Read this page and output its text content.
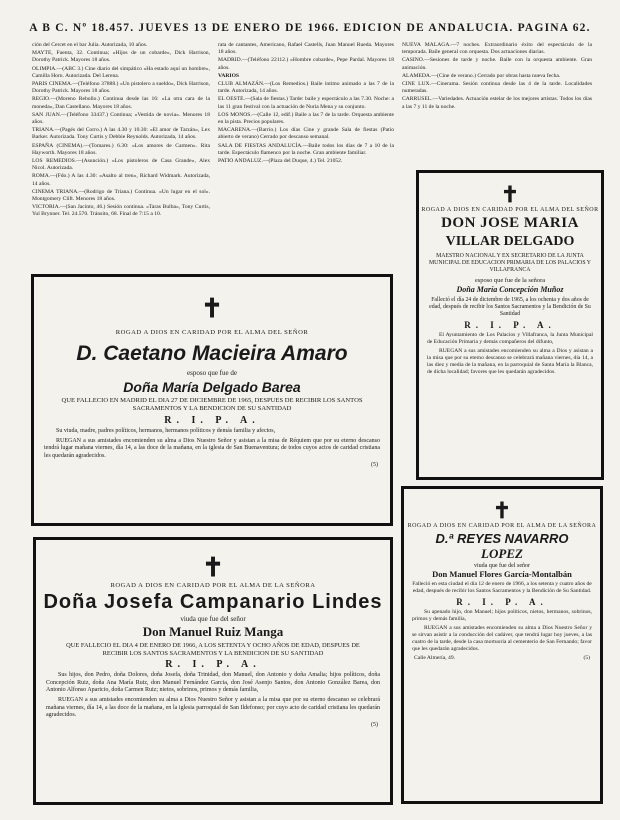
A B C. Nº 18.457. JUEVES 13 DE ENERO DE 1966. EDICION DE ANDALUCIA. PAGINA 62.

ción del Cercet en el bar Julia. Autorizada, 10 años.

MAYTE, Fuenta, 32. Continua; «Hijos de un cobarde», Dick Harrison, Dorothy Patrick. Mayores 18 años.

OLIMPIA.—(ABC 3.) Cine diario del simpático «Ha estado aquí un hombre», Camilla Horn. Autorizada. Del Lerena.

PARIS CINEMA.—(Teléfono 37888.) «Un pistolero a sueldo», Dick Harrison, Dorothy Patrick. Mayores 18 años.

REGIO.—(Moreno Rebollo.) Continua desde las 16: «La otra cara de la moneda», Dan Castellano. Mayores 18 años.

SAN JUAN.—(Teléfono 33437.) Continua; «Vestida de novia». Menores 18 años.

TRIANA.—(Pagés del Corro.) A las 4.30 y 10.30: «El amor de Tarzán», Lex Barker. Autorizada. Tony Curtis y Debbie Reynolds. Autorizada, 14 años.

ESPAÑA (CINEMA).—(Tomares.) 6.30: «Los amores de Carmen». Rita Hayworth. Mayores 18 años.

LOS REMEDIOS.—(Asunción.) «Los pistoleros de Casa Grande», Alex Nicol. Autorizada.

ROMA.—(Fdo.) A las 4.30: «Asalto al tren», Richard Widmark. Autorizada, 14 años.

CINEMA TRIANA.—(Rodrigo de Triana.) Continua. «Un lugar en el sol». Montgomery Clift. Menores 18 años.

VICTORIA.—(San Jacinto, 46.) Sesión continua. «Taras Bulba», Tony Curtis, Yul Brynner. Tel. 24.570. Tránsito, 68. Final de 7:15 a 10.

rata de cantantes, Americano, Rafael Castells, Juan Manuel Rueda. Mayores 18 años.

MADRID.—(Teléfono 22112.) «Hombre cobarde», Pepe Pardal. Mayores 18 años.

VARIOS

CLUB ALMAZÁN.—(Los Remedios.) Baile intimo animado a las 7 de la tarde. Autorizada, 14 años.

EL OESTE.—(Sala de fiestas.) Tarde: baile y espectáculo a las 7.30. Noche: a las 11 gran festival con la actuación de Nuria Mena y su conjunto.

LOS MONOS.—(Calle 12, edif.) Baile a las 7 de la tarde. Orquesta ambiente en la pista. Precios populares.

MACARENA.—(Barrio.) Los días Cine y grande Sala de fiestas (Patio abierto de verano) Cerrado por descanso semanal.

SALA DE FIESTAS ANDALUCÍA.—Baile todos los días de 7 a 10 de la tarde. Espectáculo flamenco por la noche. Gran ambiente familiar.

PATIO ANDALUZ.—(Plaza del Duque, 4.) Tel. 21052.

NUEVA MÁLAGA.—7 noches. Extraordinario éxito del espectáculo de la temporada. Baile general con orquesta. Dos actuaciones diarias.

CASINO.—Sesiones de tarde y noche. Baile con la orquesta ambiente. Gran animación.

ALAMEDA.—(Cine de verano.) Cerrado por obras hasta nueva fecha.

CINE LUX.—Cinerama. Sesión continua desde las 4 de la tarde. Localidades numeradas.

CARRUSEL.—Variedades. Actuación estelar de los mejores artistas. Todos los días a las 7 y 11 de la noche.

✝
ROGAD A DIOS EN CARIDAD POR EL ALMA DEL SEÑOR
D. Caetano Macieira Amaro
esposo que fue de
Doña María Delgado Barea
QUE FALLECIO EN MADRID EL DIA 27 DE DICIEMBRE DE 1965, DESPUES DE RECIBIR LOS SANTOS SACRAMENTOS Y LA BENDICION DE SU SANTIDAD
R. I. P. A.

Su viuda, madre, padres políticos, hermanos, hermanos políticos y demás familia y afectos,

RUEGAN a sus amistades encomienden su alma a Dios Nuestro Señor y asistan a la misa de Réquiem que por su eterno descanso tendrá lugar mañana viernes, día 14, a las doce de la mañana, en la iglesia de San Buenaventura; de todos cuyos actos de caridad cristiana les quedarán agradecidos.

(5)
✝
ROGAD A DIOS EN CARIDAD POR EL ALMA DE LA SEÑORA
Doña Josefa Campanario Lindes
viuda que fue del señor
Don Manuel Ruiz Manga
QUE FALLECIO EL DIA 4 DE ENERO DE 1966, A LOS SETENTA Y OCHO AÑOS DE EDAD, DESPUES DE RECIBIR LOS SANTOS SACRAMENTOS Y LA BENDICION DE SU SANTIDAD
R. I. P. A.

Sus hijos, don Pedro, doña Dolores, doña Josefa, doña Trinidad, don Manuel, don Antonio y doña Amalia; hijos políticos, doña Concepción Ruiz, doña Ana María Ruiz, don Manuel Fernández Garcia, don José Asenjo Santos, don Antonio González Barea, don Antonio Alfonso Aparicio, doña Carmen Ruiz; nietos, sobrinos, primos y demás familia,

RUEGAN a sus amistades encomienden su alma a Dios Nuestro Señor y asistan a la misa que por su eterno descanso se celebrará mañana viernes, día 14, a las doce de la mañana, en la iglesia parroquial de San Ildefonso; por cuyo acto de caridad cristiana les quedarán agradecidos.

(5)
✝
ROGAD A DIOS EN CARIDAD POR EL ALMA DEL SEÑOR
DON JOSE MARIA
VILLAR DELGADO
MAESTRO NACIONAL Y EX SECRETARIO DE LA JUNTA MUNICIPAL DE EDUCACION PRIMARIA DE LOS PALACIOS Y VILLAFRANCA
esposo que fue de la señora
Doña María Concepción Muñoz
Falleció el día 24 de diciembre de 1965, a los ochenta y dos años de edad, después de recibir los Santos Sacramentos y la Bendición de Su Santidad
R. I. P. A.

El Ayuntamiento de Los Palacios y Villafranca, la Junta Municipal de Educación Primaria y demás compañeros del difunto,

RUEGAN a sus amistades encomienden su alma a Dios y asistan a la misa que por su eterno descanso se celebrará mañana viernes, día 14, a las diez y media de la mañana, en la parroquial de Santa María la Blanca, de dicha localidad; favores que les quedarán agradecidos.

✝
ROGAD A DIOS EN CARIDAD POR EL ALMA DE LA SEÑORA
D.ª REYES NAVARRO
LOPEZ
viuda que fue del señor
Don Manuel Flores García-Montalbán
Falleció en esta ciudad el día 12 de enero de 1966, a los setenta y cuatro años de edad, después de recibir los Santos Sacramentos y la Bendición de Su Santidad.
R. I. P. A.

Su apenado hijo, don Manuel; hijos políticos, nietos, hermanos, sobrinos, primos y demás familia,

RUEGAN a sus amistades encomienden su alma a Dios Nuestro Señor y se sirvan asistir a la conducción del cadáver, que tendrá lugar hoy jueves, a las cuatro de la tarde, desde la casa mortuoria al cementerio de San Fernando; favor que les quedarán agradecidos.

Calle Almería, 49.	(5)
